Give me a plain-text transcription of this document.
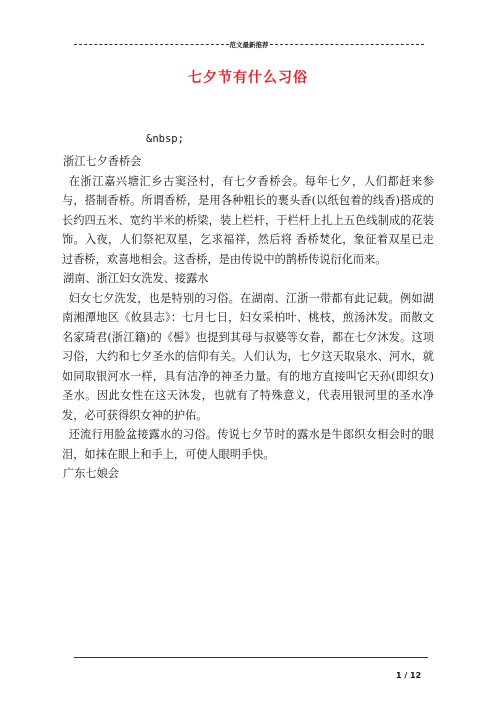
范文最新推荐
七夕节有什么习俗
&nbsp;

浙江七夕香桥会

在浙江嘉兴塘汇乡古窦泾村，有七夕香桥会。每年七夕，人们都赶来参与，搭制香桥。所谓香桥，是用各种粗长的裹头香(以纸包着的线香)搭成的长约四五米、宽约半米的桥梁，装上栏杆，于栏杆上扎上五色线制成的花装饰。入夜，人们祭祀双星，乞求福祥，然后将 香桥焚化，象征着双星已走过香桥，欢喜地相会。这香桥，是由传说中的鹊桥传说衍化而来。

湖南、浙江妇女洗发、接露水

妇女七夕洗发，也是特别的习俗。在湖南、江浙一带都有此记载。例如湖南湘潭地区《攸县志》：七月七日，妇女采柏叶、桃枝，煎汤沐发。而散文名家琦君(浙江籍)的《髻》也提到其母与叔婆等女眷，都在七夕沐发。这项习俗，大约和七夕圣水的信仰有关。人们认为，七夕这天取泉水、河水，就如同取银河水一样，具有洁净的神圣力量。有的地方直接叫它天孙(即织女)圣水。因此女性在这天沐发，也就有了特殊意义，代表用银河里的圣水净发，必可获得织女神的护佑。

还流行用脸盆接露水的习俗。传说七夕节时的露水是牛郎织女相会时的眼泪，如抹在眼上和手上，可使人眼明手快。

广东七娘会

1 / 12
